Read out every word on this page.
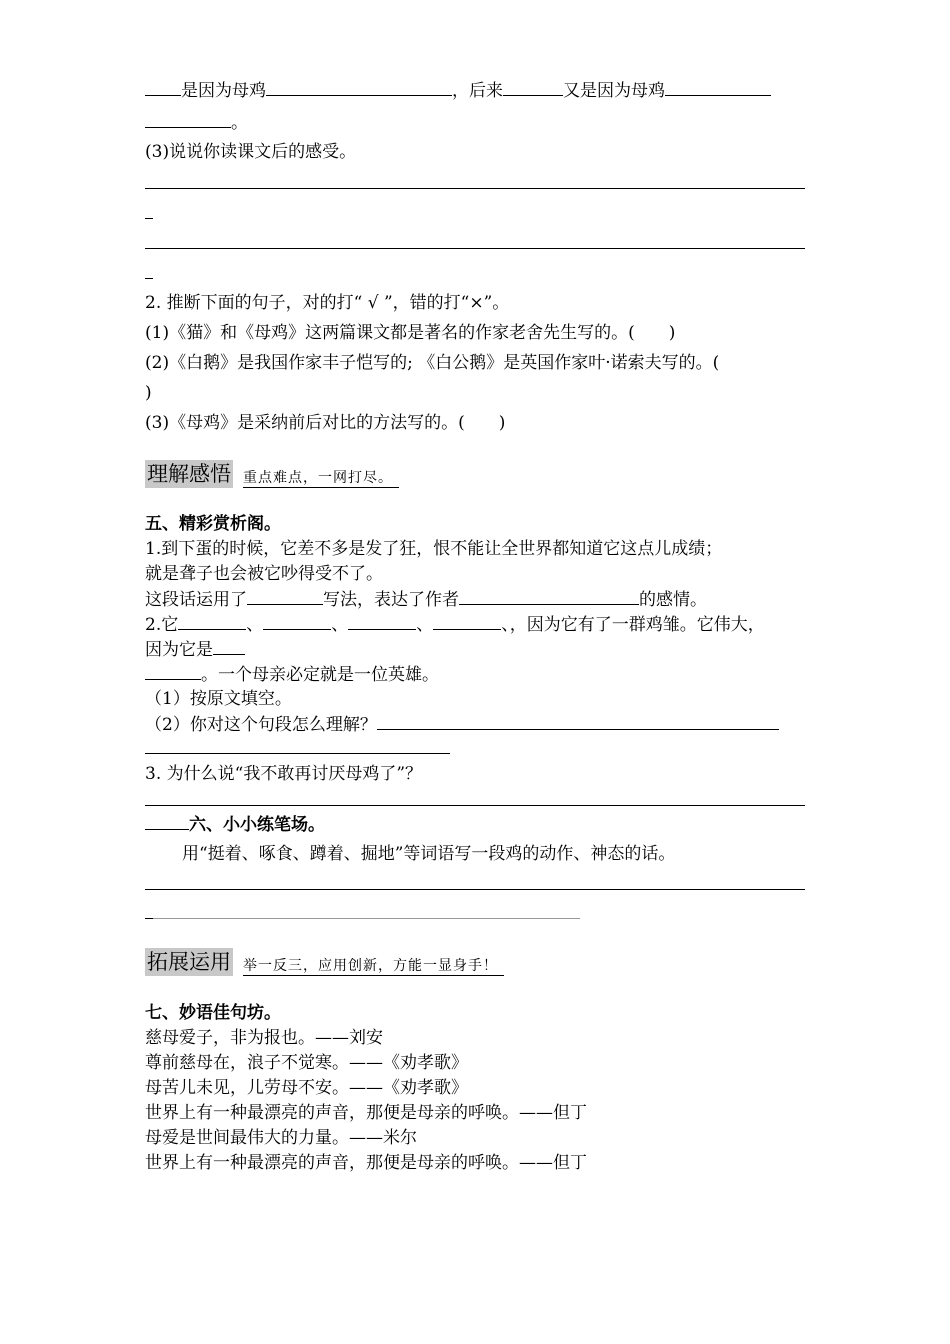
是因为母鸡	，后来	又是因为母鸡
。
(3)说说你读课文后的感受。
2. 推断下面的句子，对的打“ √ ”，错的打“×”。
(1)《猫》和《母鸡》这两篇课文都是著名的作家老舍先生写的。(　　)
(2)《白鹅》是我国作家丰子恺写的; 《白公鹅》是英国作家叶·诺索夫写的。(
)
(3)《母鸡》是采纳前后对比的方法写的。(　　)
理解感悟 重点难点，一网打尽。
五、精彩赏析阁。
1.到下蛋的时候，它差不多是发了狂，恨不能让全世界都知道它这点儿成绩；
就是聋子也会被它吵得受不了。
这段话运用了	写法，表达了作者	的感情。
2.它	、	、	、	、，因为它有了一群鸡雏。它伟大，
因为它是
。一个母亲必定就是一位英雄。
（1）按原文填空。
（2）你对这个句段怎么理解？
3. 为什么说“我不敢再讨厌母鸡了”？
六、小小练笔场。
用“挺着、啄食、蹲着、掘地”等词语写一段鸡的动作、神态的话。
拓展运用 举一反三，应用创新，方能一显身手！
七、妙语佳句坊。
慈母爱子，非为报也。——刘安
尊前慈母在，浪子不觉寒。——《劝孝歌》
母苦儿未见，儿劳母不安。——《劝孝歌》
世界上有一种最漂亮的声音，那便是母亲的呼唤。——但丁
母爱是世间最伟大的力量。——米尔
世界上有一种最漂亮的声音，那便是母亲的呼唤。——但丁
